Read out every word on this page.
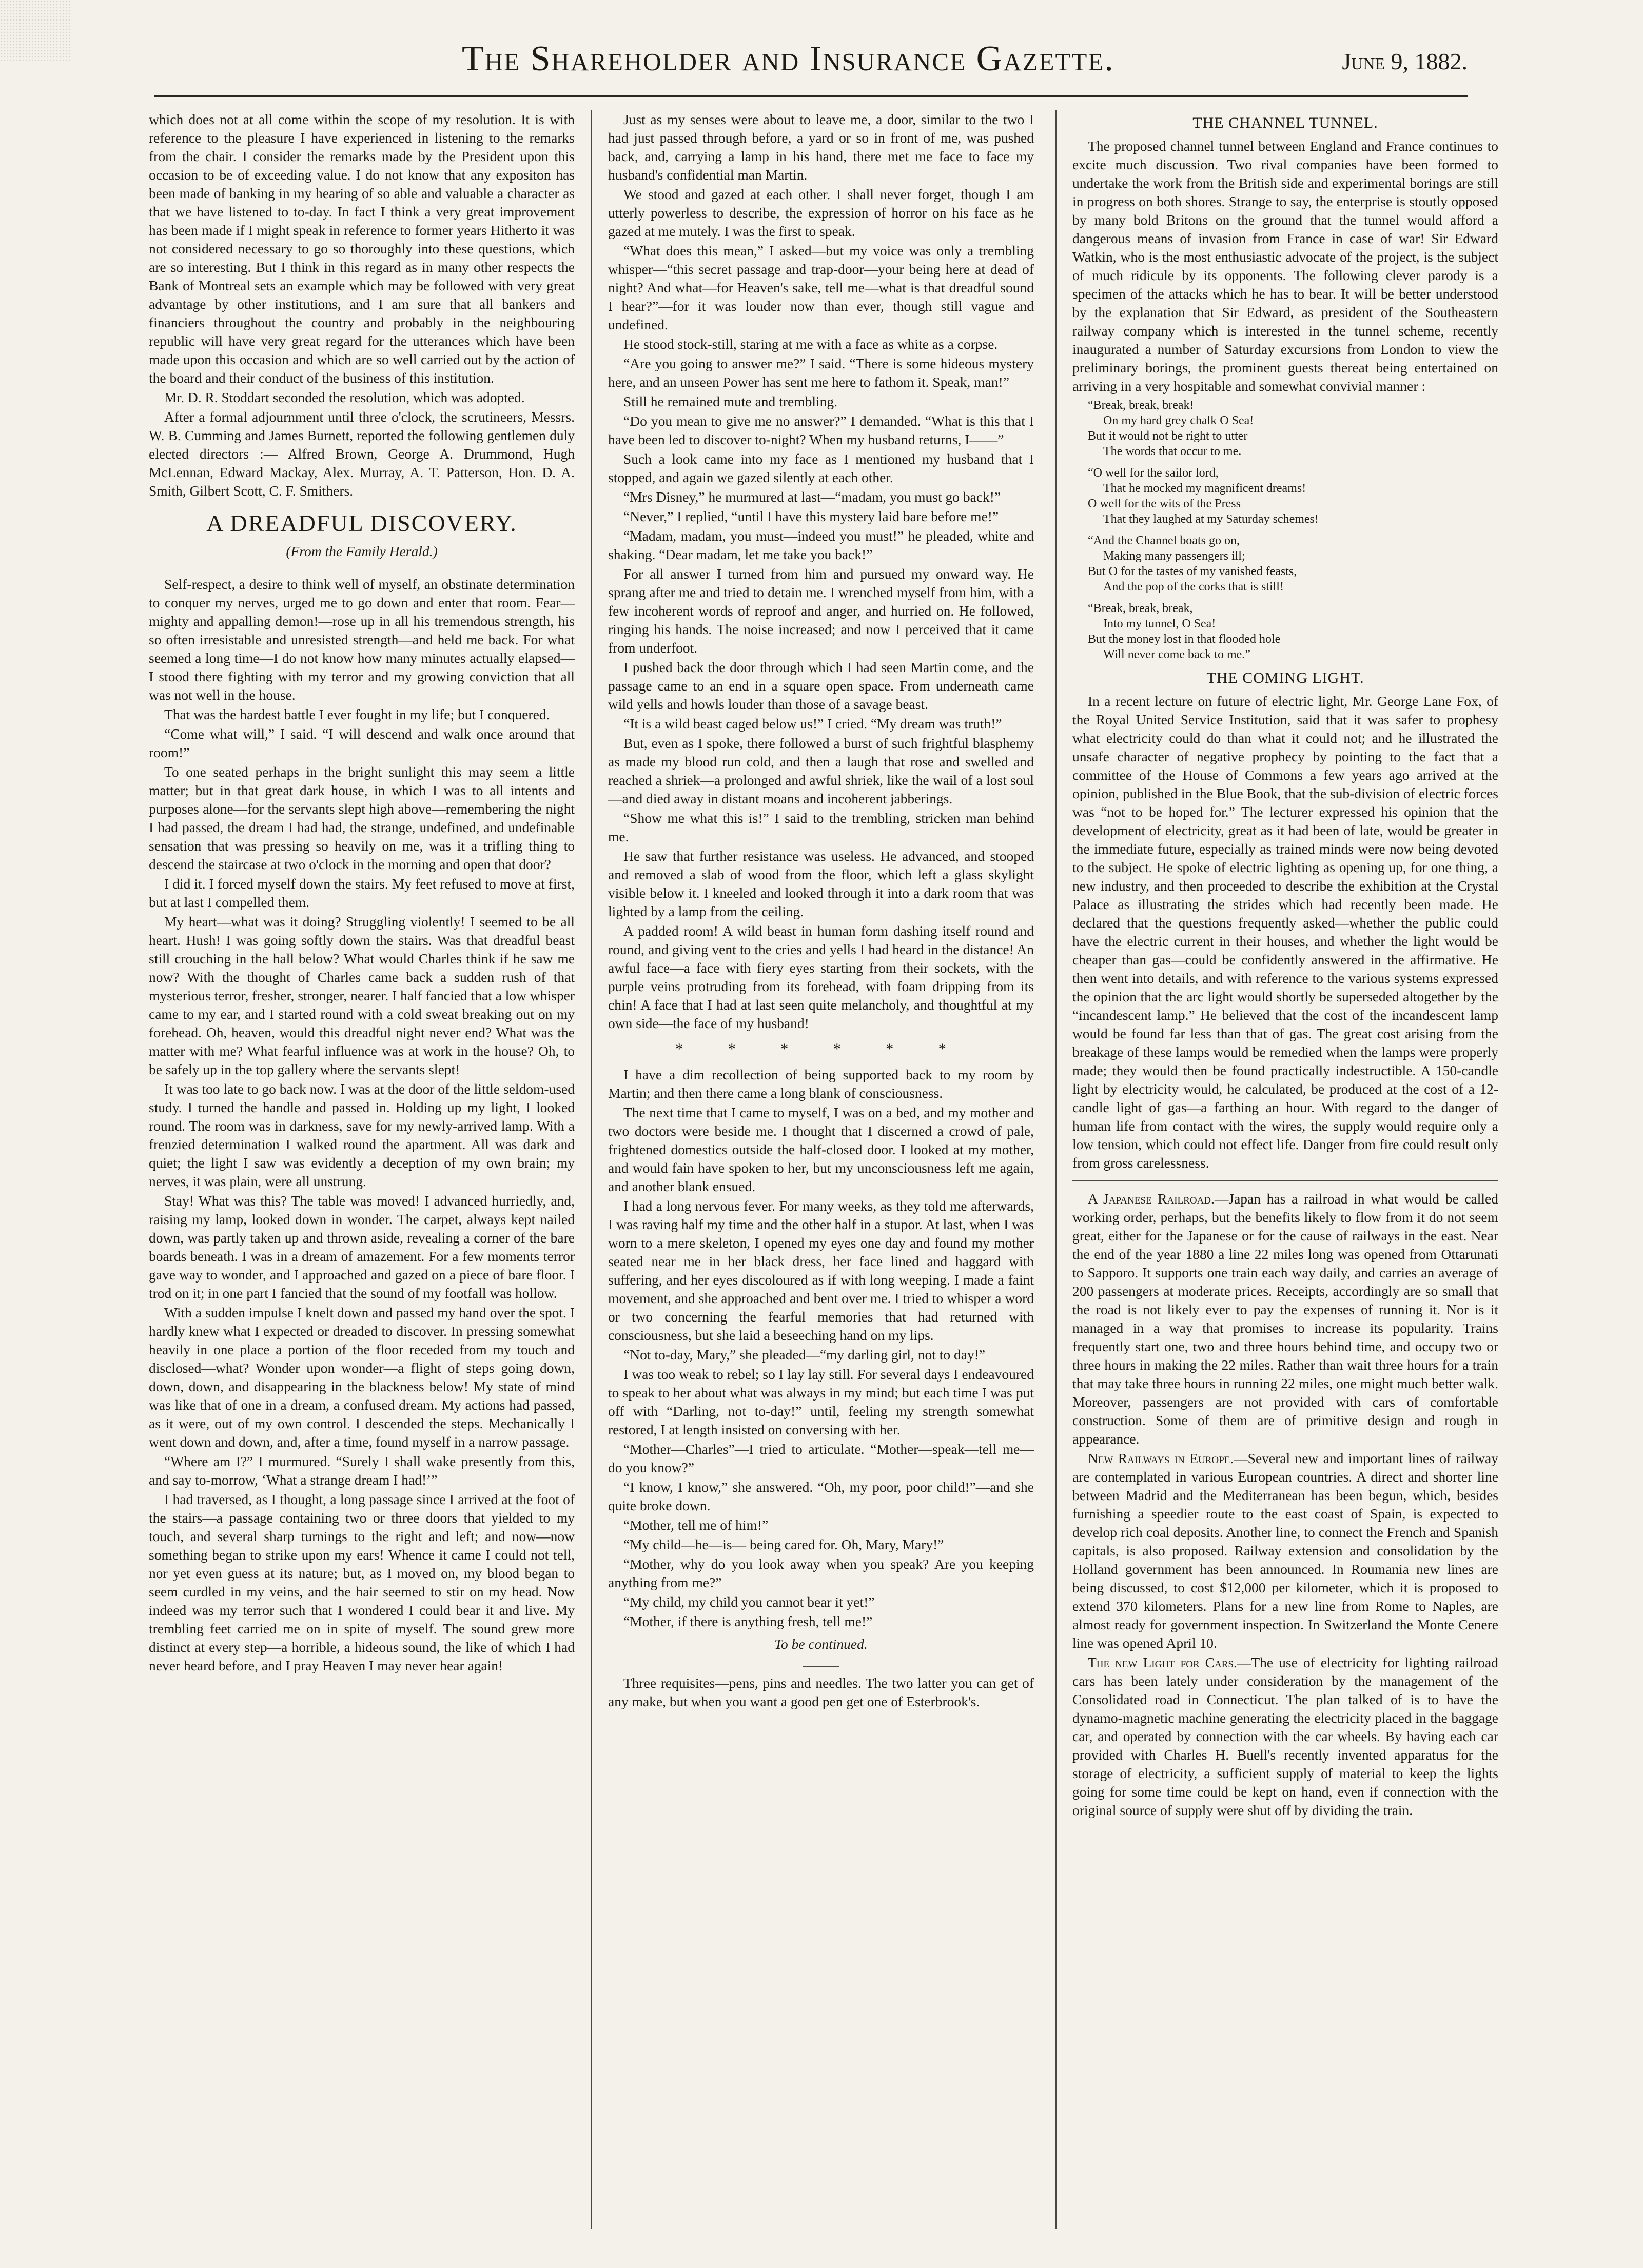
The Shareholder and Insurance Gazette.	June 9, 1882.

which does not at all come within the scope of my resolution. It is with reference to the pleasure I have experienced in listening to the remarks from the chair. I consider the remarks made by the President upon this occasion to be of exceeding value. I do not know that any expositon has been made of banking in my hearing of so able and valuable a character as that we have listened to to-day. In fact I think a very great improvement has been made if I might speak in reference to former years Hitherto it was not considered necessary to go so thoroughly into these questions, which are so interesting. But I think in this regard as in many other respects the Bank of Montreal sets an example which may be followed with very great advantage by other institutions, and I am sure that all bankers and financiers throughout the country and probably in the neighbouring republic will have very great regard for the utterances which have been made upon this occasion and which are so well carried out by the action of the board and their conduct of the business of this institution.

Mr. D. R. Stoddart seconded the resolution, which was adopted.

After a formal adjournment until three o'clock, the scrutineers, Messrs. W. B. Cumming and James Burnett, reported the following gentlemen duly elected directors :— Alfred Brown, George A. Drummond, Hugh McLennan, Edward Mackay, Alex. Murray, A. T. Patterson, Hon. D. A. Smith, Gilbert Scott, C. F. Smithers.

A DREADFUL DISCOVERY.
(From the Family Herald.)

Self-respect, a desire to think well of myself, an obstinate determination to conquer my nerves, urged me to go down and enter that room. Fear—mighty and appalling demon!—rose up in all his tremendous strength, his so often irresistable and unresisted strength—and held me back. For what seemed a long time—I do not know how many minutes actually elapsed—I stood there fighting with my terror and my growing conviction that all was not well in the house.

That was the hardest battle I ever fought in my life; but I conquered.

“Come what will,” I said. “I will descend and walk once around that room!”

To one seated perhaps in the bright sunlight this may seem a little matter; but in that great dark house, in which I was to all intents and purposes alone—for the servants slept high above—remembering the night I had passed, the dream I had had, the strange, undefined, and undefinable sensation that was pressing so heavily on me, was it a trifling thing to descend the staircase at two o'clock in the morning and open that door?

I did it. I forced myself down the stairs. My feet refused to move at first, but at last I compelled them.

My heart—what was it doing? Struggling violently! I seemed to be all heart. Hush! I was going softly down the stairs. Was that dreadful beast still crouching in the hall below? What would Charles think if he saw me now? With the thought of Charles came back a sudden rush of that mysterious terror, fresher, stronger, nearer. I half fancied that a low whisper came to my ear, and I started round with a cold sweat breaking out on my forehead. Oh, heaven, would this dreadful night never end? What was the matter with me? What fearful influence was at work in the house? Oh, to be safely up in the top gallery where the servants slept!

It was too late to go back now. I was at the door of the little seldom-used study. I turned the handle and passed in. Holding up my light, I looked round. The room was in darkness, save for my newly-arrived lamp. With a frenzied determination I walked round the apartment. All was dark and quiet; the light I saw was evidently a deception of my own brain; my nerves, it was plain, were all unstrung.

Stay! What was this? The table was moved! I advanced hurriedly, and, raising my lamp, looked down in wonder. The carpet, always kept nailed down, was partly taken up and thrown aside, revealing a corner of the bare boards beneath. I was in a dream of amazement. For a few moments terror gave way to wonder, and I approached and gazed on a piece of bare floor. I trod on it; in one part I fancied that the sound of my footfall was hollow.

With a sudden impulse I knelt down and passed my hand over the spot. I hardly knew what I expected or dreaded to discover. In pressing somewhat heavily in one place a portion of the floor receded from my touch and disclosed—what? Wonder upon wonder—a flight of steps going down, down, down, and disappearing in the blackness below! My state of mind was like that of one in a dream, a confused dream. My actions had passed, as it were, out of my own control. I descended the steps. Mechanically I went down and down, and, after a time, found myself in a narrow passage.

“Where am I?” I murmured. “Surely I shall wake presently from this, and say to-morrow, ‘What a strange dream I had!’”

I had traversed, as I thought, a long passage since I arrived at the foot of the stairs—a passage containing two or three doors that yielded to my touch, and several sharp turnings to the right and left; and now—now something began to strike upon my ears! Whence it came I could not tell, nor yet even guess at its nature; but, as I moved on, my blood began to seem curdled in my veins, and the hair seemed to stir on my head. Now indeed was my terror such that I wondered I could bear it and live. My trembling feet carried me on in spite of myself. The sound grew more distinct at every step—a horrible, a hideous sound, the like of which I had never heard before, and I pray Heaven I may never hear again!

Just as my senses were about to leave me, a door, similar to the two I had just passed through before, a yard or so in front of me, was pushed back, and, carrying a lamp in his hand, there met me face to face my husband's confidential man Martin.

We stood and gazed at each other. I shall never forget, though I am utterly powerless to describe, the expression of horror on his face as he gazed at me mutely. I was the first to speak.

“What does this mean,” I asked—but my voice was only a trembling whisper—“this secret passage and trap-door—your being here at dead of night? And what—for Heaven's sake, tell me—what is that dreadful sound I hear?”—for it was louder now than ever, though still vague and undefined.

He stood stock-still, staring at me with a face as white as a corpse.

“Are you going to answer me?” I said. “There is some hideous mystery here, and an unseen Power has sent me here to fathom it. Speak, man!”

Still he remained mute and trembling.

“Do you mean to give me no answer?” I demanded. “What is this that I have been led to discover to-night? When my husband returns, I——”

Such a look came into my face as I mentioned my husband that I stopped, and again we gazed silently at each other.

“Mrs Disney,” he murmured at last—“madam, you must go back!”

“Never,” I replied, “until I have this mystery laid bare before me!”

“Madam, madam, you must—indeed you must!” he pleaded, white and shaking. “Dear madam, let me take you back!”

For all answer I turned from him and pursued my onward way. He sprang after me and tried to detain me. I wrenched myself from him, with a few incoherent words of reproof and anger, and hurried on. He followed, ringing his hands. The noise increased; and now I perceived that it came from underfoot.

I pushed back the door through which I had seen Martin come, and the passage came to an end in a square open space. From underneath came wild yells and howls louder than those of a savage beast.

“It is a wild beast caged below us!” I cried. “My dream was truth!”

But, even as I spoke, there followed a burst of such frightful blasphemy as made my blood run cold, and then a laugh that rose and swelled and reached a shriek—a prolonged and awful shriek, like the wail of a lost soul—and died away in distant moans and incoherent jabberings.

“Show me what this is!” I said to the trembling, stricken man behind me.

He saw that further resistance was useless. He advanced, and stooped and removed a slab of wood from the floor, which left a glass skylight visible below it. I kneeled and looked through it into a dark room that was lighted by a lamp from the ceiling.

A padded room! A wild beast in human form dashing itself round and round, and giving vent to the cries and yells I had heard in the distance! An awful face—a face with fiery eyes starting from their sockets, with the purple veins protruding from its forehead, with foam dripping from its chin! A face that I had at last seen quite melancholy, and thoughtful at my own side—the face of my husband!

* * * * * *

I have a dim recollection of being supported back to my room by Martin; and then there came a long blank of consciousness.

The next time that I came to myself, I was on a bed, and my mother and two doctors were beside me. I thought that I discerned a crowd of pale, frightened domestics outside the half-closed door. I looked at my mother, and would fain have spoken to her, but my unconsciousness left me again, and another blank ensued.

I had a long nervous fever. For many weeks, as they told me afterwards, I was raving half my time and the other half in a stupor. At last, when I was worn to a mere skeleton, I opened my eyes one day and found my mother seated near me in her black dress, her face lined and haggard with suffering, and her eyes discoloured as if with long weeping. I made a faint movement, and she approached and bent over me. I tried to whisper a word or two concerning the fearful memories that had returned with consciousness, but she laid a beseeching hand on my lips.

“Not to-day, Mary,” she pleaded—“my darling girl, not to day!”

I was too weak to rebel; so I lay lay still. For several days I endeavoured to speak to her about what was always in my mind; but each time I was put off with “Darling, not to-day!” until, feeling my strength somewhat restored, I at length insisted on conversing with her.

“Mother—Charles”—I tried to articulate. “Mother—speak—tell me—do you know?”

“I know, I know,” she answered. “Oh, my poor, poor child!”—and she quite broke down.

“Mother, tell me of him!”

“My child—he—is— being cared for. Oh, Mary, Mary!”

“Mother, why do you look away when you speak? Are you keeping anything from me?”

“My child, my child you cannot bear it yet!”

“Mother, if there is anything fresh, tell me!”

To be continued.

Three requisites—pens, pins and needles. The two latter you can get of any make, but when you want a good pen get one of Esterbrook's.

THE CHANNEL TUNNEL.

The proposed channel tunnel between England and France continues to excite much discussion. Two rival companies have been formed to undertake the work from the British side and experimental borings are still in progress on both shores. Strange to say, the enterprise is stoutly opposed by many bold Britons on the ground that the tunnel would afford a dangerous means of invasion from France in case of war! Sir Edward Watkin, who is the most enthusiastic advocate of the project, is the subject of much ridicule by its opponents. The following clever parody is a specimen of the attacks which he has to bear. It will be better understood by the explanation that Sir Edward, as president of the Southeastern railway company which is interested in the tunnel scheme, recently inaugurated a number of Saturday excursions from London to view the preliminary borings, the prominent guests thereat being entertained on arriving in a very hospitable and somewhat convivial manner :

“Break, break, break!
On my hard grey chalk O Sea!
But it would not be right to utter
The words that occur to me.
“O well for the sailor lord,
That he mocked my magnificent dreams!
O well for the wits of the Press
That they laughed at my Saturday schemes!
“And the Channel boats go on,
Making many passengers ill;
But O for the tastes of my vanished feasts,
And the pop of the corks that is still!
“Break, break, break,
Into my tunnel, O Sea!
But the money lost in that flooded hole
Will never come back to me.”
THE COMING LIGHT.

In a recent lecture on future of electric light, Mr. George Lane Fox, of the Royal United Service Institution, said that it was safer to prophesy what electricity could do than what it could not; and he illustrated the unsafe character of negative prophecy by pointing to the fact that a committee of the House of Commons a few years ago arrived at the opinion, published in the Blue Book, that the sub-division of electric forces was “not to be hoped for.” The lecturer expressed his opinion that the development of electricity, great as it had been of late, would be greater in the immediate future, especially as trained minds were now being devoted to the subject. He spoke of electric lighting as opening up, for one thing, a new industry, and then proceeded to describe the exhibition at the Crystal Palace as illustrating the strides which had recently been made. He declared that the questions frequently asked—whether the public could have the electric current in their houses, and whether the light would be cheaper than gas—could be confidently answered in the affirmative. He then went into details, and with reference to the various systems expressed the opinion that the arc light would shortly be superseded altogether by the “incandescent lamp.” He believed that the cost of the incandescent lamp would be found far less than that of gas. The great cost arising from the breakage of these lamps would be remedied when the lamps were properly made; they would then be found practically indestructible. A 150-candle light by electricity would, he calculated, be produced at the cost of a 12-candle light of gas—a farthing an hour. With regard to the danger of human life from contact with the wires, the supply would require only a low tension, which could not effect life. Danger from fire could result only from gross carelessness.

A Japanese Railroad.—Japan has a railroad in what would be called working order, perhaps, but the benefits likely to flow from it do not seem great, either for the Japanese or for the cause of railways in the east. Near the end of the year 1880 a line 22 miles long was opened from Ottarunati to Sapporo. It supports one train each way daily, and carries an average of 200 passengers at moderate prices. Receipts, accordingly are so small that the road is not likely ever to pay the expenses of running it. Nor is it managed in a way that promises to increase its popularity. Trains frequently start one, two and three hours behind time, and occupy two or three hours in making the 22 miles. Rather than wait three hours for a train that may take three hours in running 22 miles, one might much better walk. Moreover, passengers are not provided with cars of comfortable construction. Some of them are of primitive design and rough in appearance.

New Railways in Europe.—Several new and important lines of railway are contemplated in various European countries. A direct and shorter line between Madrid and the Mediterranean has been begun, which, besides furnishing a speedier route to the east coast of Spain, is expected to develop rich coal deposits. Another line, to connect the French and Spanish capitals, is also proposed. Railway extension and consolidation by the Holland government has been announced. In Roumania new lines are being discussed, to cost $12,000 per kilometer, which it is proposed to extend 370 kilometers. Plans for a new line from Rome to Naples, are almost ready for government inspection. In Switzerland the Monte Cenere line was opened April 10.

The new Light for Cars.—The use of electricity for lighting railroad cars has been lately under consideration by the management of the Consolidated road in Connecticut. The plan talked of is to have the dynamo-magnetic machine generating the electricity placed in the baggage car, and operated by connection with the car wheels. By having each car provided with Charles H. Buell's recently invented apparatus for the storage of electricity, a sufficient supply of material to keep the lights going for some time could be kept on hand, even if connection with the original source of supply were shut off by dividing the train.
